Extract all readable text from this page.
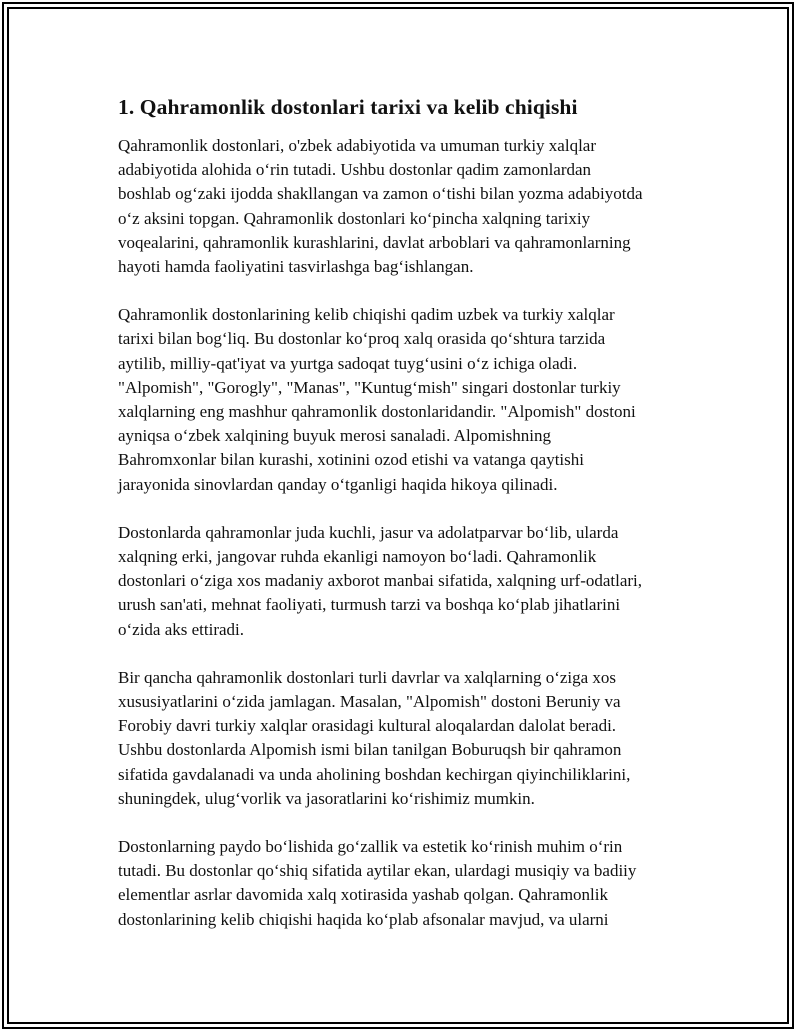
1. Qahramonlik dostonlari tarixi va kelib chiqishi

Qahramonlik dostonlari, o'zbek adabiyotida va umuman turkiy xalqlar
adabiyotida alohida o‘rin tutadi. Ushbu dostonlar qadim zamonlardan
boshlab og‘zaki ijodda shakllangan va zamon o‘tishi bilan yozma adabiyotda
o‘z aksini topgan. Qahramonlik dostonlari ko‘pincha xalqning tarixiy
voqealarini, qahramonlik kurashlarini, davlat arboblari va qahramonlarning
hayoti hamda faoliyatini tasvirlashga bag‘ishlangan.

Qahramonlik dostonlarining kelib chiqishi qadim uzbek va turkiy xalqlar
tarixi bilan bog‘liq. Bu dostonlar ko‘proq xalq orasida qo‘shtura tarzida
aytilib, milliy-qat'iyat va yurtga sadoqat tuyg‘usini o‘z ichiga oladi.
"Alpomish", "Gorogly", "Manas", "Kuntug‘mish" singari dostonlar turkiy
xalqlarning eng mashhur qahramonlik dostonlaridandir. "Alpomish" dostoni
ayniqsa o‘zbek xalqining buyuk merosi sanaladi. Alpomishning
Bahromxonlar bilan kurashi, xotinini ozod etishi va vatanga qaytishi
jarayonida sinovlardan qanday o‘tganligi haqida hikoya qilinadi.

Dostonlarda qahramonlar juda kuchli, jasur va adolatparvar bo‘lib, ularda
xalqning erki, jangovar ruhda ekanligi namoyon bo‘ladi. Qahramonlik
dostonlari o‘ziga xos madaniy axborot manbai sifatida, xalqning urf-odatlari,
urush san'ati, mehnat faoliyati, turmush tarzi va boshqa ko‘plab jihatlarini
o‘zida aks ettiradi.

Bir qancha qahramonlik dostonlari turli davrlar va xalqlarning o‘ziga xos
xususiyatlarini o‘zida jamlagan. Masalan, "Alpomish" dostoni Beruniy va
Forobiy davri turkiy xalqlar orasidagi kultural aloqalardan dalolat beradi.
Ushbu dostonlarda Alpomish ismi bilan tanilgan Boburuqsh bir qahramon
sifatida gavdalanadi va unda aholining boshdan kechirgan qiyinchiliklarini,
shuningdek, ulug‘vorlik va jasoratlarini ko‘rishimiz mumkin.

Dostonlarning paydo bo‘lishida go‘zallik va estetik ko‘rinish muhim o‘rin
tutadi. Bu dostonlar qo‘shiq sifatida aytilar ekan, ulardagi musiqiy va badiiy
elementlar asrlar davomida xalq xotirasida yashab qolgan. Qahramonlik
dostonlarining kelib chiqishi haqida ko‘plab afsonalar mavjud, va ularni
